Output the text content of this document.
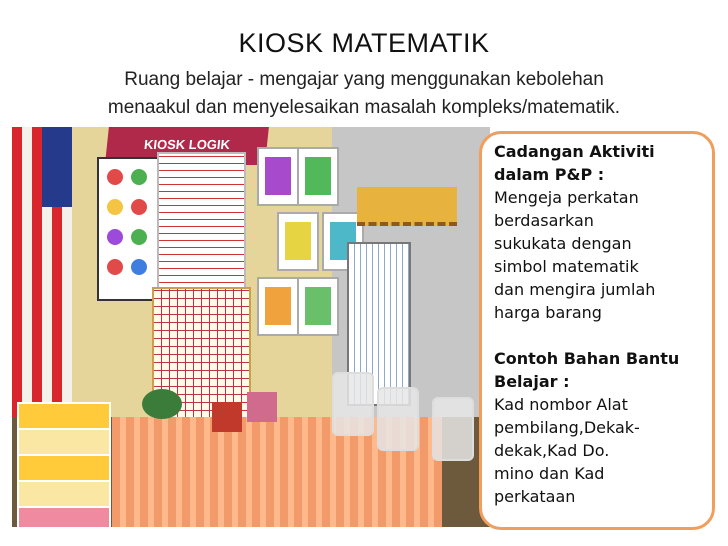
KIOSK MATEMATIK
Ruang belajar - mengajar yang menggunakan kebolehan
menaakul dan menyelesaikan masalah kompleks/matematik.
KIOSK LOGIK	Cadangan Aktiviti
dalam P&P :
Mengeja perkatan
berdasarkan
sukukata dengan
simbol matematik
dan mengira jumlah
harga barang
Contoh Bahan Bantu
Belajar :
Kad nombor Alat
pembilang,Dekak-
dekak,Kad Do.
mino dan Kad
perkataan
